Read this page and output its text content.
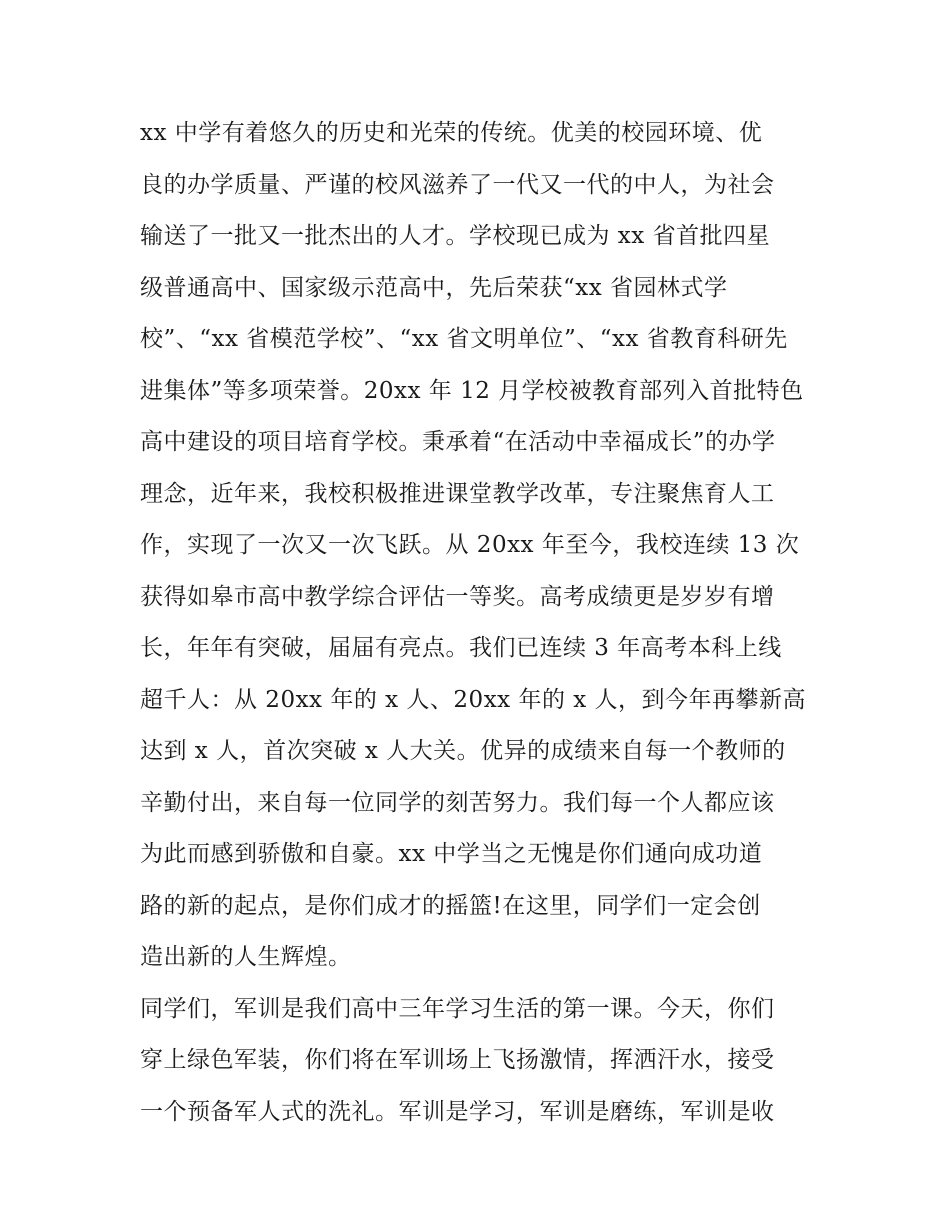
xx 中学有着悠久的历史和光荣的传统。优美的校园环境、优
良的办学质量、严谨的校风滋养了一代又一代的中人，为社会
输送了一批又一批杰出的人才。学校现已成为 xx 省首批四星
级普通高中、国家级示范高中，先后荣获“xx 省园林式学
校”、“xx 省模范学校”、“xx 省文明单位”、“xx 省教育科研先
进集体”等多项荣誉。20xx 年 12 月学校被教育部列入首批特色
高中建设的项目培育学校。秉承着“在活动中幸福成长”的办学
理念，近年来，我校积极推进课堂教学改革，专注聚焦育人工
作，实现了一次又一次飞跃。从 20xx 年至今，我校连续 13 次
获得如皋市高中教学综合评估一等奖。高考成绩更是岁岁有增
长，年年有突破，届届有亮点。我们已连续 3 年高考本科上线
超千人：从 20xx 年的 x 人、20xx 年的 x 人，到今年再攀新高
达到 x 人，首次突破 x 人大关。优异的成绩来自每一个教师的
辛勤付出，来自每一位同学的刻苦努力。我们每一个人都应该
为此而感到骄傲和自豪。xx 中学当之无愧是你们通向成功道
路的新的起点，是你们成才的摇篮!在这里，同学们一定会创
造出新的人生辉煌。
同学们，军训是我们高中三年学习生活的第一课。今天，你们
穿上绿色军装，你们将在军训场上飞扬激情，挥洒汗水，接受
一个预备军人式的洗礼。军训是学习，军训是磨练，军训是收
